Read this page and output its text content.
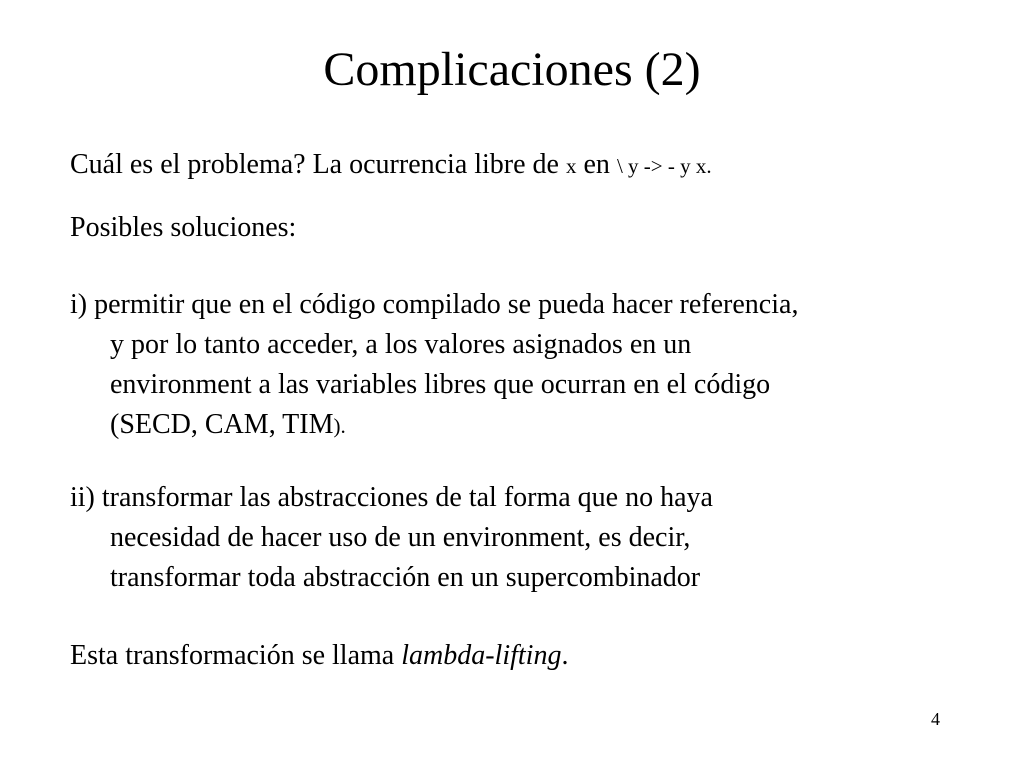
Complicaciones (2)

Cuál es el problema? La ocurrencia libre de x en \ y -> - y x.

Posibles soluciones:

i) permitir que en el código compilado se pueda hacer referencia,
y por lo tanto acceder, a los valores asignados en un
environment a las variables libres que ocurran en el código
(SECD, CAM, TIM).
ii) transformar las abstracciones de tal forma que no haya
necesidad de hacer uso de un environment, es decir,
transformar toda abstracción en un supercombinador

Esta transformación se llama lambda-lifting.

4
